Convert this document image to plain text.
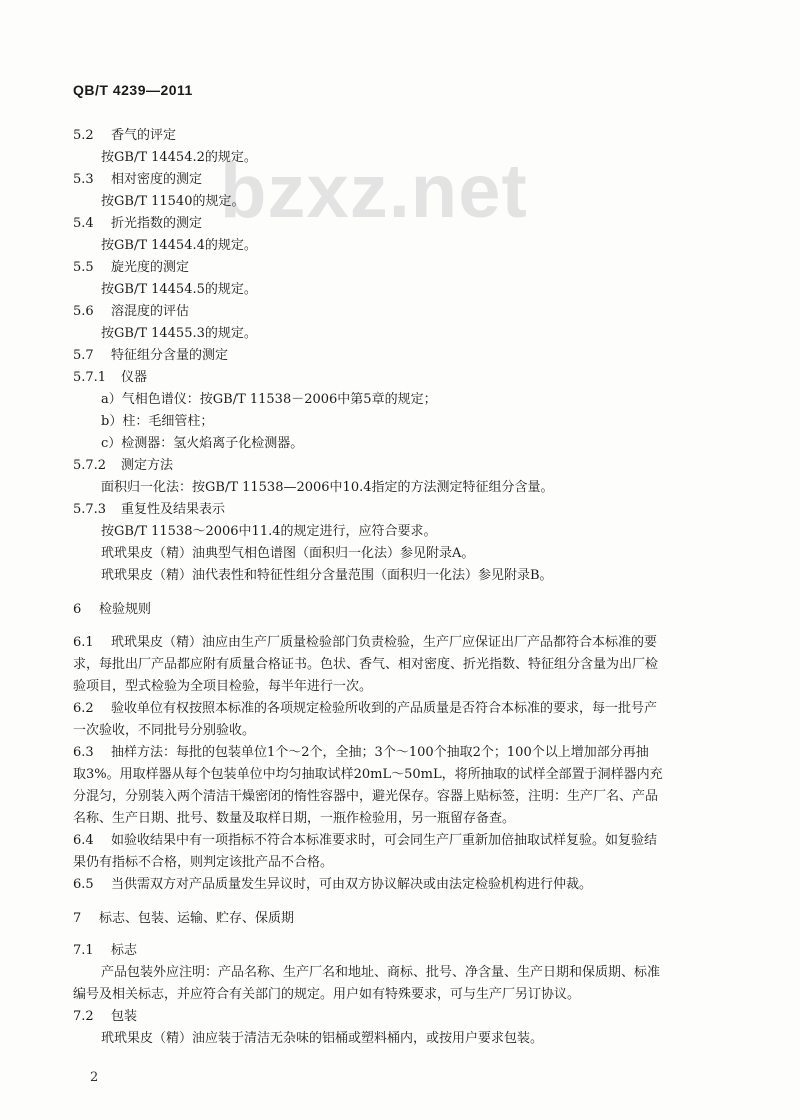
QB/T 4239—2011
bzxz.net
5.2 香气的评定
按GB/T 14454.2的规定。
5.3 相对密度的测定
按GB/T 11540的规定。
5.4 折光指数的测定
按GB/T 14454.4的规定。
5.5 旋光度的测定
按GB/T 14454.5的规定。
5.6 溶混度的评估
按GB/T 14455.3的规定。
5.7 特征组分含量的测定
5.7.1 仪器
a）气相色谱仪：按GB/T 11538－2006中第5章的规定；
b）柱：毛细管柱；
c）检测器：氢火焰离子化检测器。
5.7.2 测定方法
面积归一化法：按GB/T 11538—2006中10.4指定的方法测定特征组分含量。
5.7.3 重复性及结果表示
按GB/T 11538～2006中11.4的规定进行，应符合要求。
玳玳果皮（精）油典型气相色谱图（面积归一化法）参见附录A。
玳玳果皮（精）油代表性和特征性组分含量范围（面积归一化法）参见附录B。
6 检验规则
6.1 玳玳果皮（精）油应由生产厂质量检验部门负责检验，生产厂应保证出厂产品都符合本标准的要
求，每批出厂产品都应附有质量合格证书。色状、香气、相对密度、折光指数、特征组分含量为出厂检
验项目，型式检验为全项目检验，每半年进行一次。
6.2 验收单位有权按照本标准的各项规定检验所收到的产品质量是否符合本标准的要求，每一批号产
一次验收，不同批号分别验收。
6.3 抽样方法：每批的包装单位1个～2个，全抽；3个～100个抽取2个；100个以上增加部分再抽
取3%。用取样器从每个包装单位中均匀抽取试样20mL～50mL，将所抽取的试样全部置于洞样器内充
分混匀，分别装入两个清洁干燥密闭的惰性容器中，避光保存。容器上贴标签，注明：生产厂名、产品
名称、生产日期、批号、数量及取样日期，一瓶作检验用，另一瓶留存备查。
6.4 如验收结果中有一项指标不符合本标准要求时，可会同生产厂重新加倍抽取试样复验。如复验结
果仍有指标不合格，则判定该批产品不合格。
6.5 当供需双方对产品质量发生异议时，可由双方协议解决或由法定检验机构进行仲裁。
7 标志、包装、运输、贮存、保质期
7.1 标志
产品包装外应注明：产品名称、生产厂名和地址、商标、批号、净含量、生产日期和保质期、标准
编号及相关标志，并应符合有关部门的规定。用户如有特殊要求，可与生产厂另订协议。
7.2 包装
玳玳果皮（精）油应装于清洁无杂味的铝桶或塑料桶内，或按用户要求包装。
2
